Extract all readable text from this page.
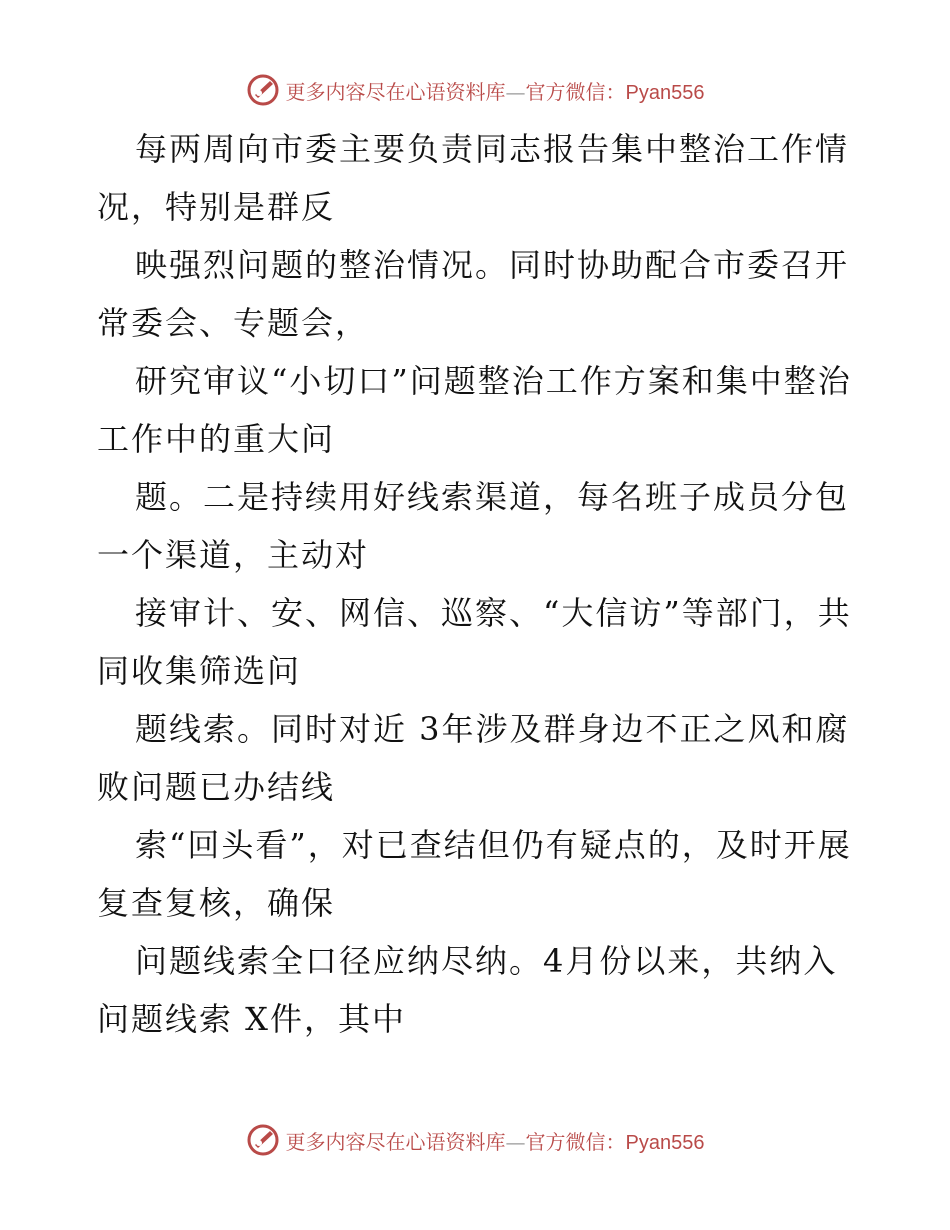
更多内容尽在心语资料库—官方微信：Pyan556

每两周向市委主要负责同志报告集中整治工作情况，特别是群反

映强烈问题的整治情况。同时协助配合市委召开常委会、专题会，

研究审议“小切口”问题整治工作方案和集中整治工作中的重大问

题。二是持续用好线索渠道，每名班子成员分包一个渠道，主动对

接审计、安、网信、巡察、“大信访”等部门，共同收集筛选问

题线索。同时对近 3年涉及群身边不正之风和腐败问题已办结线

索“回头看”，对已查结但仍有疑点的，及时开展复查复核，确保

问题线索全口径应纳尽纳。4月份以来，共纳入问题线索 X件，其中

更多内容尽在心语资料库—官方微信：Pyan556
